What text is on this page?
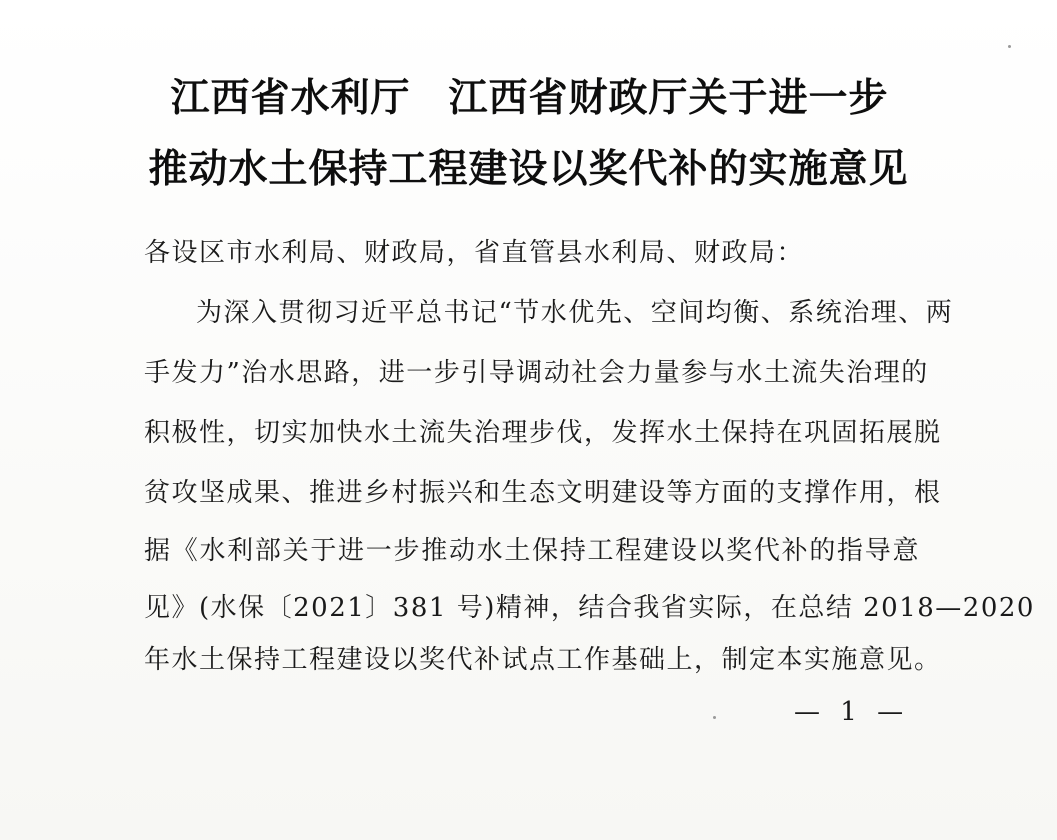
江西省水利厅 江西省财政厅关于进一步
推动水土保持工程建设以奖代补的实施意见
各设区市水利局、财政局，省直管县水利局、财政局：
为深入贯彻习近平总书记“节水优先、空间均衡、系统治理、两
手发力”治水思路，进一步引导调动社会力量参与水土流失治理的
积极性，切实加快水土流失治理步伐，发挥水土保持在巩固拓展脱
贫攻坚成果、推进乡村振兴和生态文明建设等方面的支撑作用，根
据《水利部关于进一步推动水土保持工程建设以奖代补的指导意
见》(水保〔2021〕381 号)精神，结合我省实际，在总结 2018—2020
年水土保持工程建设以奖代补试点工作基础上，制定本实施意见。
— 1 —
